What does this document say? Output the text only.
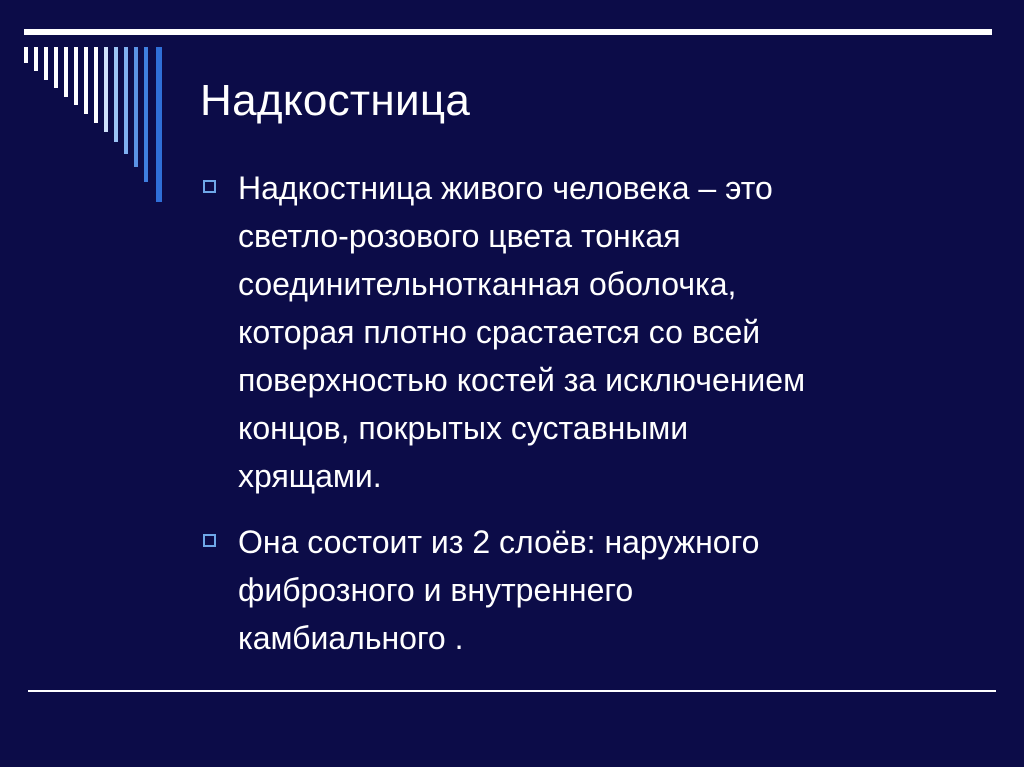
Надкостница
Надкостница живого человека – это
светло-розового цвета тонкая
соединительнотканная оболочка,
которая плотно срастается со всей
поверхностью костей за исключением
концов, покрытых суставными
хрящами.
Она состоит из 2 слоёв: наружного
фиброзного и внутреннего
камбиального .
